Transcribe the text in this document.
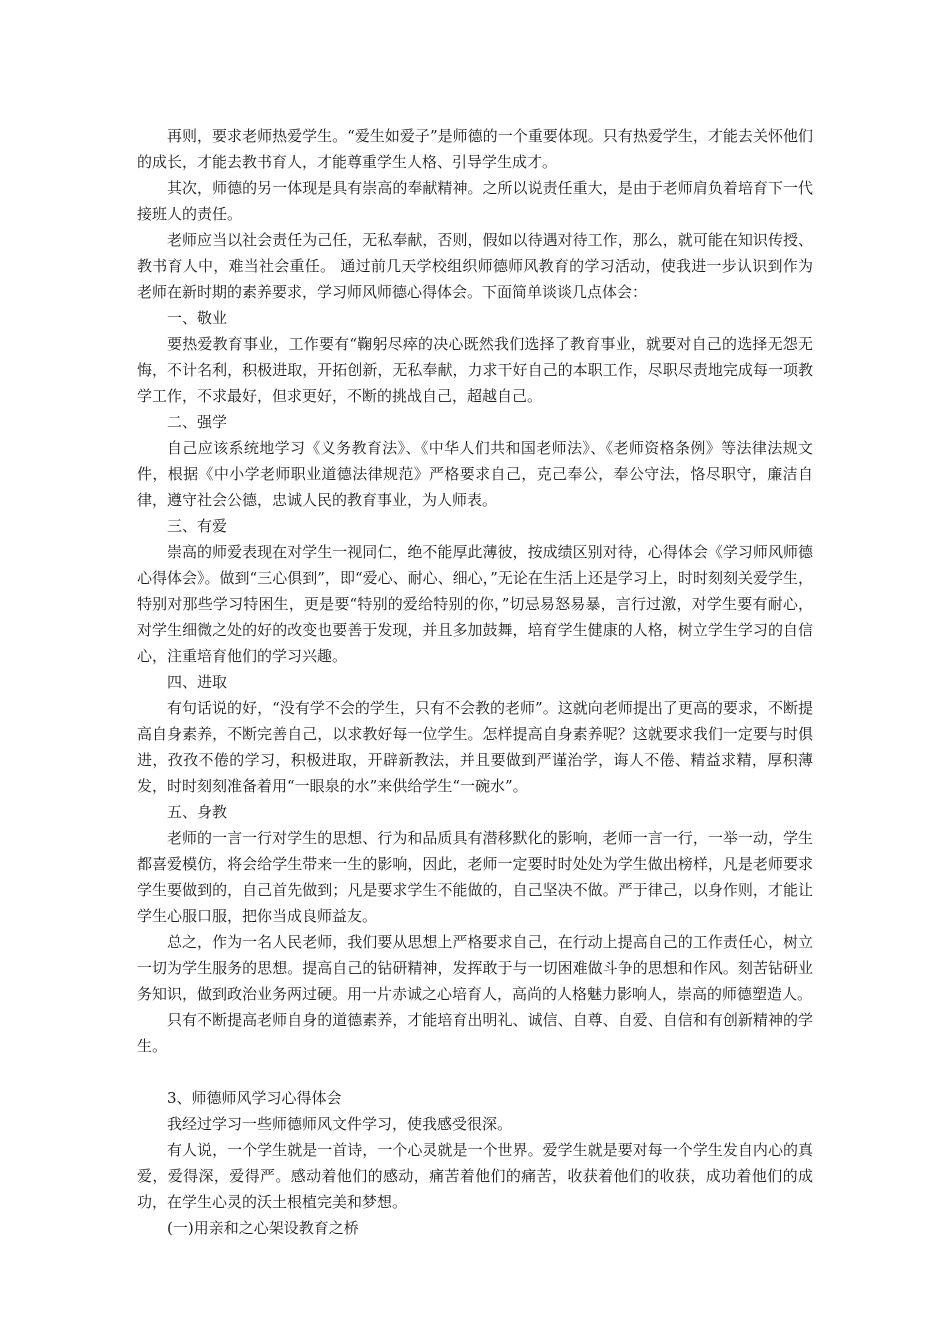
再则，要求老师热爱学生。“爱生如爱子”是师德的一个重要体现。只有热爱学生，才能去关怀他们的成长，才能去教书育人，才能尊重学生人格、引导学生成才。

其次，师德的另一体现是具有崇高的奉献精神。之所以说责任重大，是由于老师肩负着培育下一代接班人的责任。

老师应当以社会责任为己任，无私奉献，否则，假如以待遇对待工作，那么，就可能在知识传授、教书育人中，难当社会重任。 通过前几天学校组织师德师风教育的学习活动，使我进一步认识到作为老师在新时期的素养要求，学习师风师德心得体会。下面简单谈谈几点体会：

一、敬业

要热爱教育事业，工作要有“鞠躬尽瘁的决心既然我们选择了教育事业，就要对自己的选择无怨无悔，不计名利，积极进取，开拓创新，无私奉献，力求干好自己的本职工作，尽职尽责地完成每一项教学工作，不求最好，但求更好，不断的挑战自己，超越自己。

二、强学

自己应该系统地学习《义务教育法》、《中华人们共和国老师法》、《老师资格条例》等法律法规文件，根据《中小学老师职业道德法律规范》严格要求自己，克己奉公，奉公守法，恪尽职守，廉洁自律，遵守社会公德，忠诚人民的教育事业，为人师表。

三、有爱

崇高的师爱表现在对学生一视同仁，绝不能厚此薄彼，按成绩区别对待，心得体会《学习师风师德心得体会》。做到“三心俱到”，即“爱心、耐心、细心，”无论在生活上还是学习上，时时刻刻关爱学生，特别对那些学习特困生，更是要“特别的爱给特别的你，”切忌易怒易暴，言行过激，对学生要有耐心，对学生细微之处的好的改变也要善于发现，并且多加鼓舞，培育学生健康的人格，树立学生学习的自信心，注重培育他们的学习兴趣。

四、进取

有句话说的好，“没有学不会的学生，只有不会教的老师”。这就向老师提出了更高的要求，不断提高自身素养，不断完善自己，以求教好每一位学生。怎样提高自身素养呢？这就要求我们一定要与时俱进，孜孜不倦的学习，积极进取，开辟新教法，并且要做到严谨治学，诲人不倦、精益求精，厚积薄发，时时刻刻准备着用“一眼泉的水”来供给学生“一碗水”。

五、身教

老师的一言一行对学生的思想、行为和品质具有潜移默化的影响，老师一言一行，一举一动，学生都喜爱模仿，将会给学生带来一生的影响，因此，老师一定要时时处处为学生做出榜样，凡是老师要求学生要做到的，自己首先做到；凡是要求学生不能做的，自己坚决不做。严于律己，以身作则，才能让学生心服口服，把你当成良师益友。

总之，作为一名人民老师，我们要从思想上严格要求自己，在行动上提高自己的工作责任心，树立一切为学生服务的思想。提高自己的钻研精神，发挥敢于与一切困难做斗争的思想和作风。刻苦钻研业务知识，做到政治业务两过硬。用一片赤诚之心培育人，高尚的人格魅力影响人，崇高的师德塑造人。

只有不断提高老师自身的道德素养，才能培育出明礼、诚信、自尊、自爱、自信和有创新精神的学生。

3、师德师风学习心得体会

我经过学习一些师德师风文件学习，使我感受很深。

有人说，一个学生就是一首诗，一个心灵就是一个世界。爱学生就是要对每一个学生发自内心的真爱，爱得深，爱得严。感动着他们的感动，痛苦着他们的痛苦，收获着他们的收获，成功着他们的成功，在学生心灵的沃土根植完美和梦想。

(一)用亲和之心架设教育之桥
